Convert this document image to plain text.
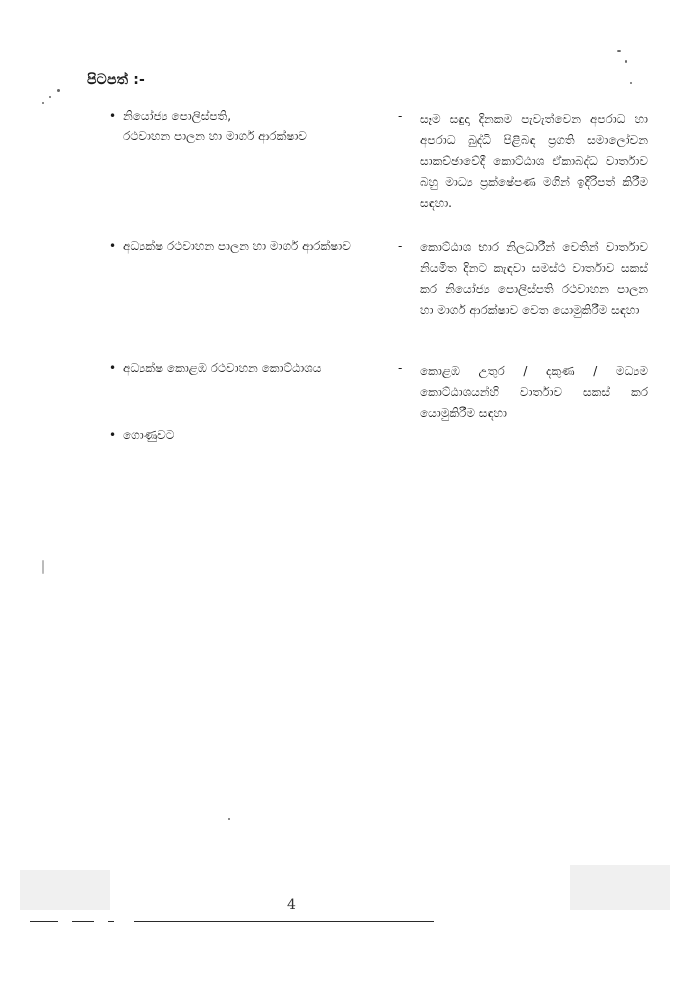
පිටපත් :-
• නියෝජ්‍ය පොලිස්පති,
රථවාහන පාලන හා මාර්ග ආරක්ෂාව
- සෑම සඳුදා දිනකම පැවැත්වෙන අපරාධ හා අපරාධ බුද්ධි පිළිබඳ ප්‍රගති සමාලෝචන සාකච්ඡාවේදී කොට්ඨාශ ඒකාබද්ධ වාර්තාව බහු මාධ්‍ය ප්‍රක්ෂේපණ මගින් ඉදිරිපත් කිරීම සඳහා.
• අධ්‍යක්ෂ රථවාහන පාලන හා මාර්ග ආරක්ෂාව	- කොට්ඨාශ භාර නිලධාරීන් වෙතින් වාර්තාව නියමිත දිනට කැඳවා සමස්ථ වාර්තාව සකස් කර නියෝජ්‍ය පොලිස්පති රථවාහන පාලන හා මාර්ග ආරක්ෂාව වෙත යොමුකිරීම සඳහා
• අධ්‍යක්ෂ කොළඹ රථවාහන කොට්ඨාශය	- කොළඹ උතුර / දකුණ / මධ්‍යම කොට්ඨාශයන්හි වාර්තාව සකස් කර යොමුකිරීම සඳහා
• ගොණුවට
4
